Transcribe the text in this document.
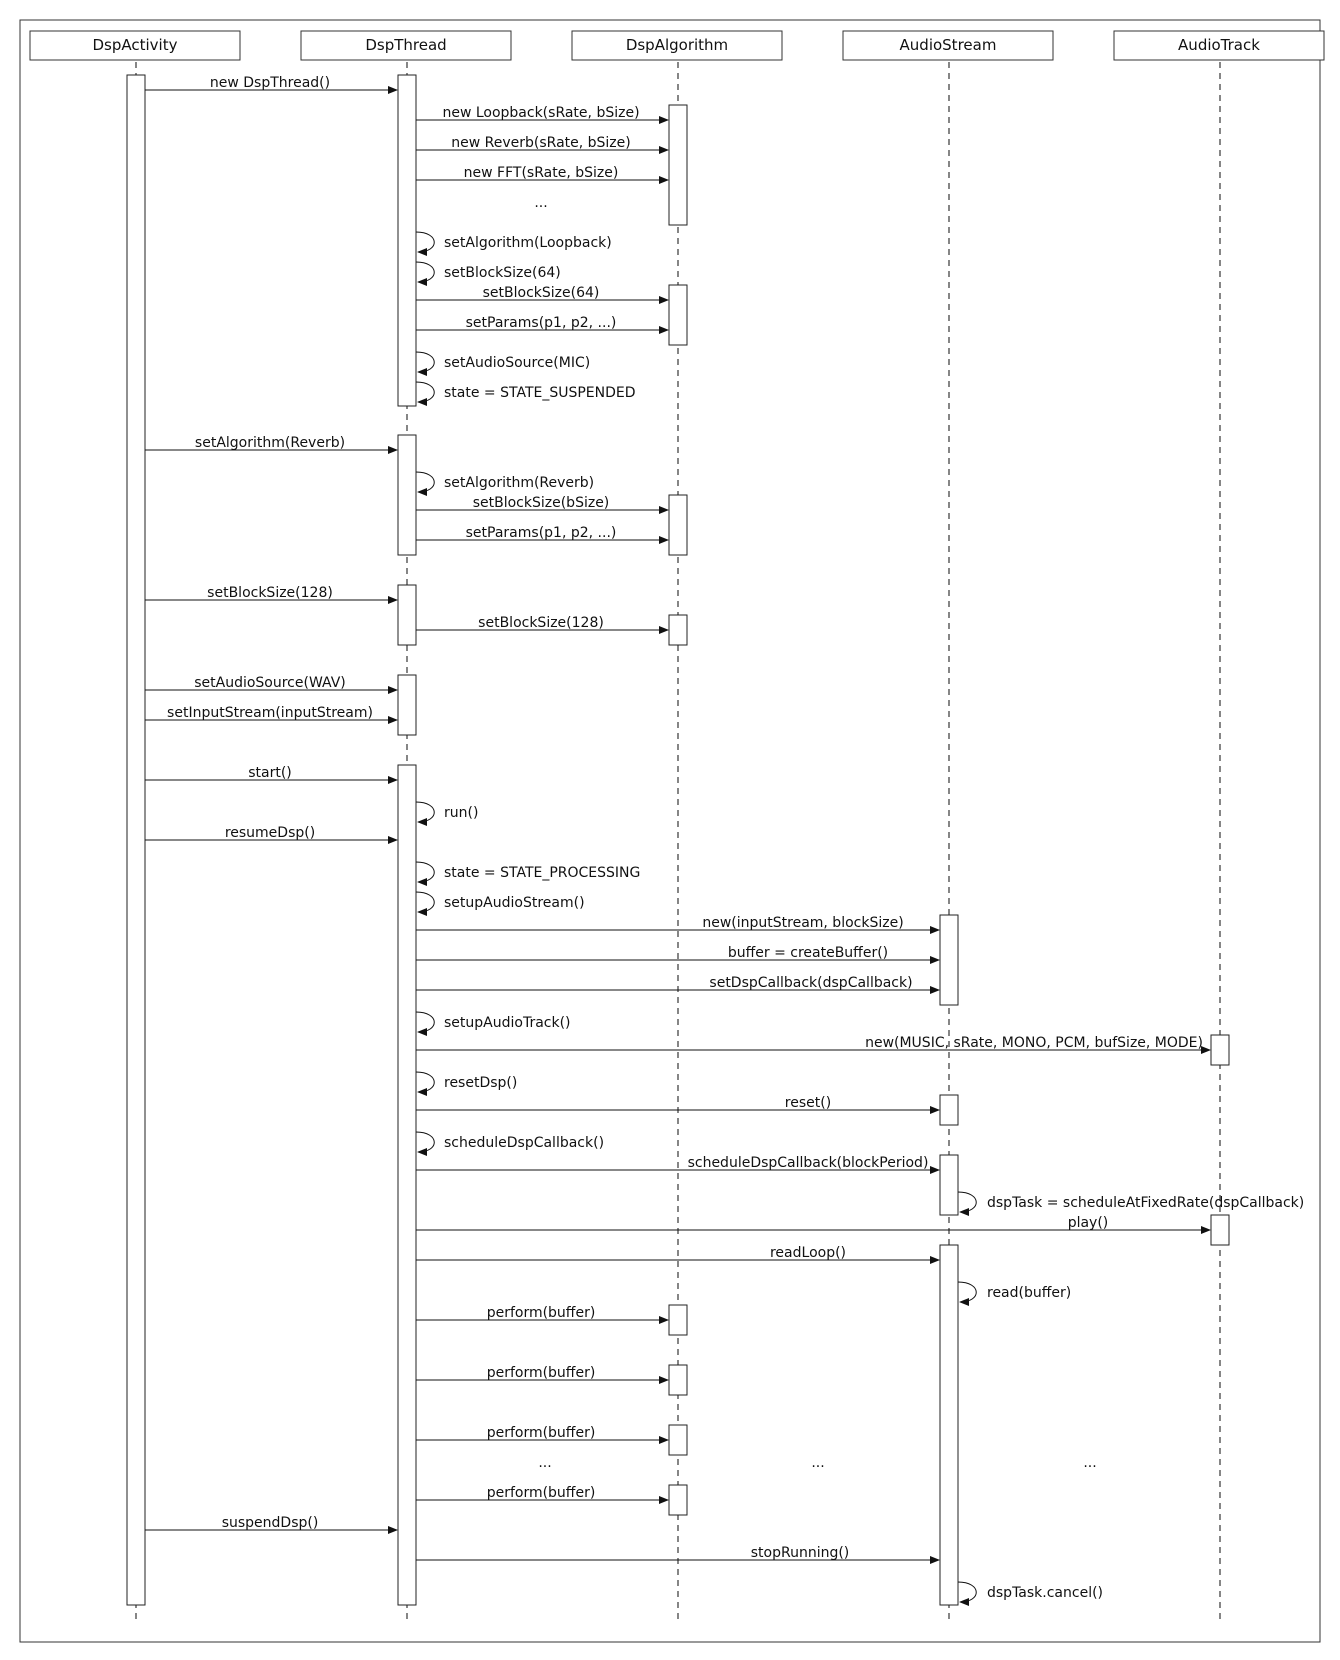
DspActivity	DspThread	DspAlgorithm	AudioStream	AudioTrack
new DspThread()
new Loopback(sRate, bSize)
new Reverb(sRate, bSize)
new FFT(sRate, bSize)
...
setAlgorithm(Loopback)
setBlockSize(64)
setBlockSize(64)
setParams(p1, p2, ...)
setAudioSource(MIC)
state = STATE_SUSPENDED
setAlgorithm(Reverb)
setAlgorithm(Reverb)
setBlockSize(bSize)
setParams(p1, p2, ...)
setBlockSize(128)
setBlockSize(128)
setAudioSource(WAV)
setInputStream(inputStream)
start()
run()
resumeDsp()
state = STATE_PROCESSING
setupAudioStream()
new(inputStream, blockSize)
buffer = createBuffer()
setDspCallback(dspCallback)
setupAudioTrack()
new(MUSIC, sRate, MONO, PCM, bufSize, MODE)
resetDsp()
reset()
scheduleDspCallback()
scheduleDspCallback(blockPeriod)
dspTask = scheduleAtFixedRate(dspCallback)
play()
readLoop()
read(buffer)
perform(buffer)
perform(buffer)
perform(buffer)
...	...	...
perform(buffer)
suspendDsp()
stopRunning()
dspTask.cancel()
